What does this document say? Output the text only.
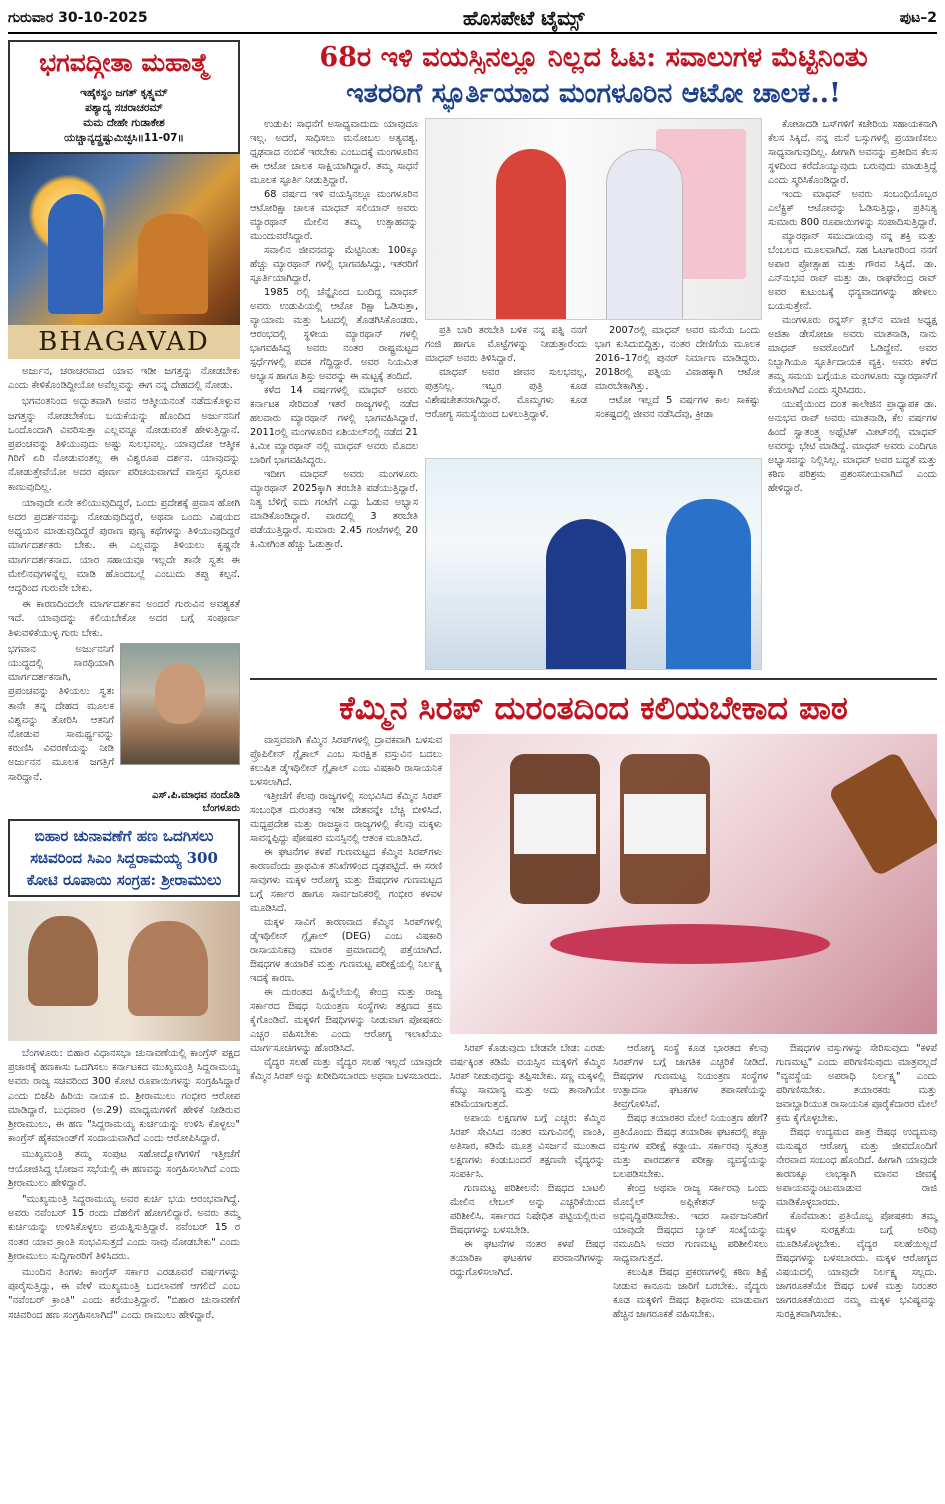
ಗುರುವಾರ 30-10-2025	ಹೊಸಪೇಟೆ ಟೈಮ್ಸ್	ಪುಟ–2
ಭಗವದ್ಗೀತಾ ಮಹಾತ್ಮೆ
ಇಹೈಕಸ್ಥಂ ಜಗತ್ ಕೃತ್ಸ್ನಮ್
ಪಶ್ಯಾದ್ಯ ಸಚರಾಚರಮ್
ಮಮ ದೇಹೇ ಗುಡಾಕೇಶ
ಯಚ್ಚಾನ್ಯದ್ದ್ರಷ್ಟುಮಿಚ್ಛಸಿ॥11-07॥
BHAGAVAD

ಅರ್ಜುನ, ಚರಾಚರವಾದ ಯಾವ ಇಡೀ ಜಗತ್ತನ್ನು ನೋಡಬೇಕು ಎಂದು ಕೇಳಿಕೊಂಡಿದ್ದೀಯೋ ಅವೆಲ್ಲವನ್ನು ಈಗ ನನ್ನ ದೇಹದಲ್ಲಿ ನೋಡು.

ಭಗವಂತನಿಂದ ಅದ್ಭುತವಾಗಿ ಅವನ ಆತ್ಮೀಯನಂತೆ ನಡೆದುಕೊಳ್ಳುವ ಜಗತ್ತನ್ನು ನೋಡಬೇಕೆಂಬ ಬಯಕೆಯನ್ನು ಹೊಂದಿದ ಅರ್ಜುನನಿಗೆ ಒಂದೊಂದಾಗಿ ವಿವರಿಸುತ್ತಾ ಎಲ್ಲವನ್ನೂ ನೋಡುವಂತೆ ಹೇಳುತ್ತಿದ್ದಾನೆ. ಪ್ರಪಂಚವನ್ನು ತಿಳಿಯುವುದು ಅಷ್ಟು ಸುಲಭವಲ್ಲ. ಯಾವುದೋ ಆತ್ಮೀಕ ಗಿರಿಗೆ ಏರಿ ನೋಡುವಂತಲ್ಲ ಈ ವಿಶ್ವರೂಪ ದರ್ಶನ. ಯಾವುದನ್ನು ನೋಡುತ್ತೇವೆಯೋ ಅದರ ಪೂರ್ಣ ಪರಿಚಯವಾಗದೆ ವಾಸ್ತವ ಸ್ವರೂಪ ಕಾಣುವುದಿಲ್ಲ.

ಯಾವುದೇ ಏನೇ ಕಲಿಯುವುದಿದ್ದರೆ, ಒಂದು ಪ್ರದೇಶಕ್ಕೆ ಪ್ರವಾಸ ಹೋಗಿ ಅದರ ಪ್ರದರ್ಶನವನ್ನು ನೋಡುವುದಿದ್ದರೆ, ಅಥವಾ ಒಂದು ವಿಷಯದ ಅಧ್ಯಯನ ಮಾಡುವುದಿದ್ದರೆ ಪುರಾಣ ಪುಣ್ಯ ಕಥೆಗಳನ್ನು ತಿಳಿಯುವುದಿದ್ದರೆ ಮಾರ್ಗದರ್ಶಕರು ಬೇಕು. ಈ ಎಲ್ಲವನ್ನು ತಿಳಿಯಲು ಕೃಷ್ಣನೇ ಮಾರ್ಗದರ್ಶಕನಾದ. ಯಾರ ಸಹಾಯವೂ ಇಲ್ಲದೇ ತಾನೇ ಸ್ವತಃ ಈ ಮೇಲಿನವುಗಳನ್ನೆಲ್ಲ ಮಾಡಿ ಹೊಂದಬಲ್ಲೆ ಎಂಬುದು ತಪ್ಪು ಕಲ್ಪನೆ. ಆದ್ದರಿಂದ ಗುರುವೇ ಬೇಕು.

ಈ ಕಾರಣದಿಂದಲೇ ಮಾರ್ಗದರ್ಶಕನ ಅಂದರೆ ಗುರುವಿನ ಅವಶ್ಯಕತೆ ಇದೆ. ಯಾವುದನ್ನು ಕಲಿಯಬೇಕೋ ಅದರ ಬಗ್ಗೆ ಸಂಪೂರ್ಣ ತಿಳುವಳಿಕೆಯುಳ್ಳ ಗುರು ಬೇಕು.

ಭಗವಾನ ಅರ್ಜುನನಿಗೆ ಯುದ್ಧದಲ್ಲಿ ಸಾರಥಿಯಾಗಿ ಮಾರ್ಗದರ್ಶಕನಾಗಿ, ಪ್ರಪಂಚವನ್ನು ತಿಳಿಯಲು ಸ್ವತಃ ತಾನೇ ತನ್ನ ದೇಹದ ಮೂಲಕ ವಿಶ್ವವನ್ನು ತೋರಿಸಿ ಆತನಿಗೆ ನೋಡುವ ಸಾಮರ್ಥ್ಯವನ್ನು ಕರುಣಿಸಿ ವಿವರಣೆಯನ್ನು ನೀಡಿ ಅರ್ಜುನನ ಮೂಲಕ ಜಗತ್ತಿಗೆ ಸಾರಿದ್ದಾನೆ.
ಎಸ್.ಪಿ.ಮಾಧವ ನಂದೊಡಿ
ಬೆಂಗಳೂರು
ಬಿಹಾರ ಚುನಾವಣೆಗೆ ಹಣ ಒದಗಿಸಲು ಸಚಿವರಿಂದ ಸಿಎಂ ಸಿದ್ದರಾಮಯ್ಯ 300 ಕೋಟಿ ರೂಪಾಯಿ ಸಂಗ್ರಹ: ಶ್ರೀರಾಮುಲು

ಬೆಂಗಳೂರು: ಬಿಹಾರ ವಿಧಾನಸಭಾ ಚುನಾವಣೆಯಲ್ಲಿ ಕಾಂಗ್ರೆಸ್ ಪಕ್ಷದ ಪ್ರಚಾರಕ್ಕೆ ಹಣಕಾಸು ಒದಗಿಸಲು ಕರ್ನಾಟಕದ ಮುಖ್ಯಮಂತ್ರಿ ಸಿದ್ದರಾಮಯ್ಯ ಅವರು ರಾಜ್ಯ ಸಚಿವರಿಂದ 300 ಕೋಟಿ ರೂಪಾಯಿಗಳನ್ನು ಸಂಗ್ರಹಿಸಿದ್ದಾರೆ ಎಂದು ಬಿಜೆಪಿ ಹಿರಿಯ ನಾಯಕ ಬಿ. ಶ್ರೀರಾಮುಲು ಗಂಭೀರ ಆರೋಪ ಮಾಡಿದ್ದಾರೆ. ಬುಧವಾರ (ಅ.29) ಮಾಧ್ಯಮಗಳಿಗೆ ಹೇಳಿಕೆ ನೀಡಿರುವ ಶ್ರೀರಾಮುಲು, ಈ ಹಣ "ಸಿದ್ದರಾಮಯ್ಯ ಕುರ್ಚಿಯನ್ನು ಉಳಿಸಿ ಕೊಳ್ಳಲು" ಕಾಂಗ್ರೆಸ್ ಹೈಕಮಾಂಡ್‌ಗೆ ಸಂದಾಯವಾಗಿದೆ ಎಂದು ಆರೋಪಿಸಿದ್ದಾರೆ.

ಮುಖ್ಯಮಂತ್ರಿ ತಮ್ಮ ಸಂಪುಟ ಸಹೋದ್ಯೋಗಿಗಳಿಗೆ ಇತ್ತೀಚೆಗೆ ಆಯೋಜಿಸಿದ್ದ ಭೋಜನ ಸಭೆಯಲ್ಲಿ ಈ ಹಣವನ್ನು ಸಂಗ್ರಹಿಸಲಾಗಿದೆ ಎಂದು ಶ್ರೀರಾಮುಲು ಹೇಳಿದ್ದಾರೆ.

"ಮುಖ್ಯಮಂತ್ರಿ ಸಿದ್ದರಾಮಯ್ಯ ಅವರ ಕುರ್ಚಿ ಭಯ ಆರಂಭವಾಗಿದ್ದೆ. ಅವರು ನವೆಂಬರ್ 15 ರಂದು ದೆಹಲಿಗೆ ಹೋಗಲಿದ್ದಾರೆ. ಅವರು ತಮ್ಮ ಕುರ್ಚಿಯನ್ನು ಉಳಿಸಿಕೊಳ್ಳಲು ಪ್ರಯತ್ನಿಸುತ್ತಿದ್ದಾರೆ. ನವೆಂಬರ್ 15 ರ ನಂತರ ಯಾವ ಕ್ರಾಂತಿ ಸಂಭವಿಸುತ್ತದೆ ಎಂದು ನಾವು ನೋಡಬೇಕು" ಎಂದು ಶ್ರೀರಾಮುಲು ಸುದ್ದಿಗಾರರಿಗೆ ತಿಳಿಸಿದರು.

ಮುಂದಿನ ತಿಂಗಳು ಕಾಂಗ್ರೆಸ್ ಸರ್ಕಾರ ಎರಡೂವರೆ ವರ್ಷಗಳನ್ನು ಪೂರೈಸುತ್ತಿದ್ದು, ಈ ವೇಳೆ ಮುಖ್ಯಮಂತ್ರಿ ಬದಲಾವಣೆ ಆಗಲಿದೆ ಎಂಬ "ನವೆಂಬರ್ ಕ್ರಾಂತಿ" ಎಂದು ಕರೆಯುತ್ತಿದ್ದಾರೆ. "ಬಿಹಾರ ಚುನಾವಣೆಗೆ ಸಚಿವರಿಂದ ಹಣ ಸಂಗ್ರಹಿಸಲಾಗಿದೆ" ಎಂದು ರಾಮುಲು ಹೇಳಿದ್ದಾರೆ.

68ರ ಇಳಿ ವಯಸ್ಸಿನಲ್ಲೂ ನಿಲ್ಲದ ಓಟ: ಸವಾಲುಗಳ ಮೆಟ್ಟಿನಿಂತು
ಇತರರಿಗೆ ಸ್ಫೂರ್ತಿಯಾದ ಮಂಗಳೂರಿನ ಆಟೋ ಚಾಲಕ..!

ಉಡುಪಿ: ಸಾಧನೆಗೆ ಅಸಾಧ್ಯವಾದುದು ಯಾವುದೂ ಇಲ್ಲ. ಅದರೆ, ಸಾಧಿಸಲು ಮನೋಬಲ ಅತ್ಯವಶ್ಯ. ಧೃಢವಾದ ನಂಬಿಕೆ ಇರಬೇಕು ಎಂಬುದಕ್ಕೆ ಮಂಗಳೂರಿನ ಈ ಆಟೋ ಚಾಲಕ ಸಾಕ್ಷಿಯಾಗಿದ್ದಾರೆ. ತಮ್ಮ ಸಾಧನೆ ಮೂಲಕ ಸ್ಫೂರ್ತಿ ನೀಡುತ್ತಿದ್ದಾರೆ.

68 ವರ್ಷದ ಇಳಿ ವಯಸ್ಸಿನಲ್ಲೂ ಮಂಗಳೂರಿನ ಆಟೋರಿಕ್ಷಾ ಚಾಲಕ ಮಾಧವ್ ಸಲಿಯಾನ್ ಅವರು ಮ್ಯಾರಥಾನ್ ಮೇಲಿನ ತಮ್ಮ ಉತ್ಸಾಹವನ್ನು ಮುಂದುವರೆಸಿದ್ದಾರೆ.

ಸವಾಲಿನ ಜೀವನವನ್ನು ಮೆಟ್ಟಿನಿಂತು 100ಕ್ಕೂ ಹೆಚ್ಚು ಮ್ಯಾರಥಾನ್ ಗಳಲ್ಲಿ ಭಾಗವಹಿಸಿದ್ದು, ಇತರರಿಗೆ ಸ್ಫೂರ್ತಿಯಾಗಿದ್ದಾರೆ.

1985 ರಲ್ಲಿ ಚೆನ್ನೈನಿಂದ ಬಂದಿದ್ದ ಮಾಧವ್ ಅವರು ಉಡುಪಿಯಲ್ಲಿ ಆಟೋ ರಿಕ್ಷಾ ಓಡಿಸುತ್ತಾ, ವ್ಯಾಯಾಮ ಮತ್ತು ಓಟದಲ್ಲಿ ತೊಡಗಿಸಿಕೊಂಡರು. ಆರಂಭದಲ್ಲಿ ಸ್ಥಳೀಯ ಮ್ಯಾರಥಾನ್ ಗಳಲ್ಲಿ ಭಾಗವಹಿಸಿದ್ದ ಅವರು ನಂತರ ರಾಷ್ಟ್ರಮಟ್ಟದ ಸ್ಪರ್ಧೆಗಳಲ್ಲಿ ಪದಕ ಗೆದ್ದಿದ್ದಾರೆ. ಅವರ ನಿಯಮಿತ ಅಭ್ಯಾಸ ಹಾಗೂ ಶಿಸ್ತು ಅವರನ್ನು ಈ ಮಟ್ಟಕ್ಕೆ ತಂದಿದೆ.

ಕಳೆದ 14 ವರ್ಷಗಳಲ್ಲಿ ಮಾಧವ್ ಅವರು ಕರ್ನಾಟಕ ಸೇರಿದಂತೆ ಇತರೆ ರಾಜ್ಯಗಳಲ್ಲಿ ನಡೆದ ಹಲವಾರು ಮ್ಯಾರಥಾನ್ ಗಳಲ್ಲಿ ಭಾಗವಹಿಸಿದ್ದಾರೆ. 2011ರಲ್ಲಿ ಮಂಗಳೂರಿನ ಏಶಿಯಲ್‌ನಲ್ಲಿ ನಡೆದ 21 ಕಿ.ಮೀ ಮ್ಯಾರಥಾನ್ ನಲ್ಲಿ ಮಾಧವ್ ಅವರು ಮೊದಲ ಬಾರಿಗೆ ಭಾಗವಹಿಸಿದ್ದರು.

ಇದೀಗ ಮಾಧವ್ ಅವರು ಮಂಗಳೂರು ಮ್ಯಾರಥಾನ್ 2025ಕ್ಕಾಗಿ ತರಬೇತಿ ಪಡೆಯುತ್ತಿದ್ದಾರೆ. ನಿತ್ಯ ಬೆಳಿಗ್ಗೆ ಐದು ಗಂಟೆಗೆ ಎದ್ದು ಓಡುವ ಅಭ್ಯಾಸ ಮಾಡಿಕೊಂಡಿದ್ದಾರೆ. ವಾರದಲ್ಲಿ 3 ತರಬೇತಿ ಪಡೆಯುತ್ತಿದ್ದಾರೆ. ಸುಮಾರು 2.45 ಗಂಟೆಗಳಲ್ಲಿ 20 ಕಿ.ಮೀಗಿಂತ ಹೆಚ್ಚು ಓಡುತ್ತಾರೆ.

ಪ್ರತಿ ಬಾರಿ ತರಬೇತಿ ಬಳಿಕ ನನ್ನ ಪತ್ನಿ ನನಗೆ ಗಂಜಿ ಹಾಗೂ ಮೊಟ್ಟೆಗಳನ್ನು ನೀಡುತ್ತಾರೆಂದು ಮಾಧವ್ ಅವರು ತಿಳಿಸಿದ್ದಾರೆ.

ಮಾಧವ್ ಅವರ ಜೀವನ ಸುಲಭವಲ್ಲ, ಪುತ್ರನಿಲ್ಲ. ಇಬ್ಬರ ಪುತ್ರಿ ಕೂಡ ವಿಶೇಷಚೇತನರಾಗಿದ್ದಾರೆ. ಮೊಮ್ಮಗಳು ಕೂಡ ಆರೋಗ್ಯ ಸಮಸ್ಯೆಯಿಂದ ಬಳಲುತ್ತಿದ್ದಾಳೆ.

2007ರಲ್ಲಿ ಮಾಧವ್ ಅವರ ಮನೆಯ ಒಂದು ಭಾಗ ಕುಸಿದುಬಿದ್ದಿತ್ತು, ನಂತರ ದೇಣಿಗೆಯ ಮೂಲಕ 2016–17ರಲ್ಲಿ ಪುನರ್ ನಿರ್ಮಾಣ ಮಾಡಿದ್ದರು. 2018ರಲ್ಲಿ ಪತ್ನಿಯ ವಿವಾಹಕ್ಕಾಗಿ ಆಟೋ ಮಾರಬೇಕಾಗಿತ್ತು.

ಆಟೋ ಇಲ್ಲದೆ 5 ವರ್ಷಗಳ ಕಾಲ ಸಾಕಷ್ಟು ಸಂಕಷ್ಟದಲ್ಲಿ ಜೀವನ ನಡೆಸಿದೆವು, ಕ್ರೀಡಾ

ಕೋಟಾದಡಿ ಬಸ್‌ಗಳಿಗೆ ಕಚೇರಿಯ ಸಹಾಯಕನಾಗಿ ಕೆಲಸ ಸಿಕ್ಕಿದೆ. ನನ್ನ ಮನೆ ಬಸ್ಸುಗಳಲ್ಲಿ ಪ್ರಯಾಣಿಸಲು ಸಾಧ್ಯವಾಗುವುದಿಲ್ಲ. ಹೀಗಾಗಿ ಅವನನ್ನು ಪ್ರತೀದಿನ ಕೆಲಸ ಸ್ಥಳದಿಂದ ಕರೆದೊಯ್ಯುವುದು ಬರುವುದು ಮಾಡುತ್ತಿದ್ದೆ ಎಂದು ಸ್ಮರಿಸಿಕೊಂಡಿದ್ದಾರೆ.

ಇಂದು ಮಾಧವ್ ಅವರು ಸಂಬಂಧಿಯೊಬ್ಬರ ಎಲೆಕ್ಟ್ರಿಕ್ ಆಟೋವನ್ನು ಓಡಿಸುತ್ತಿದ್ದು, ಪ್ರತಿನಿತ್ಯ ಸುಮಾರು 800 ರೂಪಾಯಿಗಳನ್ನು ಸಂಪಾದಿಸುತ್ತಿದ್ದಾರೆ.

ಮ್ಯಾರಥಾನ್ ಸಮುದಾಯವು ನನ್ನ ಶಕ್ತಿ ಮತ್ತು ಬೆಂಬಲದ ಮೂಲವಾಗಿದೆ. ಸಹ ಓಟಗಾರರಿಂದ ನನಗೆ ಅಪಾರ ಪ್ರೋತ್ಸಾಹ ಮತ್ತು ಗೌರವ ಸಿಕ್ಕಿದೆ. ಡಾ. ಎನ್‌ನುಭವ ರಾವ್ ಮತ್ತು ಡಾ. ರಾಘವೇಂದ್ರ ರಾವ್ ಅವರ ಕುಟುಂಬಕ್ಕೆ ಧನ್ಯವಾದಗಳನ್ನು ಹೇಳಲು ಬಯಸುತ್ತೇನೆ.

ಮಂಗಳೂರು ರನ್ನರ್ಸ್ ಕ್ಲಬ್‌ನ ಮಾಜಿ ಅಧ್ಯಕ್ಷ ಅಜಿತಾ ಡೇಸೋಜಾ ಅವರು ಮಾತನಾಡಿ, ನಾನು ಮಾಧವ್ ಅವರೊಂದಿಗೆ ಓಡಿದ್ದೇನೆ. ಅವರ ನಿಬ್ಬಾಗಿಯೂ ಸ್ಫೂರ್ತಿದಾಯಕ ವ್ಯಕ್ತಿ. ಅವರು ಕಳೆದ ತಮ್ಮ ಸಮಯ ಬಗ್ಗೆಯೂ ಮಂಗಳೂರು ಮ್ಯಾರಥಾನ್‌ಗೆ ಕೆಯಲಾಗಿದೆ ಎಂದು ಸ್ಮರಿಸಿದರು.

ಯುಪೈಯಿಂದ ದಂತ ಕಾಲೇಜಿನ ಪ್ರಾಧ್ಯಾಪಕ ಡಾ. ಅನುಭವ ರಾವ್ ಅವರು ಮಾತನಾಡಿ, ಕೆಲ ವರ್ಷಗಳ ಹಿಂದೆ ಸ್ವಾತಂತ್ರ್ಯ ಅಥ್ಲೆಟಿಕ್ ಮೀಟ್‌ನಲ್ಲಿ ಮಾಧವ್ ಅವರನ್ನು ಭೇಟಿ ಮಾಡಿದ್ದೆ. ಮಾಧವ್ ಅವರು ಎಂದಿಗೂ ಅಭ್ಯಾಸವನ್ನು ನಿಲ್ಲಿಸಿಲ್ಲ. ಮಾಧವ್ ಅವರ ಬದ್ಧತೆ ಮತ್ತು ಕಠಿಣ ಪರಿಶ್ರಮ ಪ್ರಶಂಸನೀಯವಾಗಿದೆ ಎಂದು ಹೇಳಿದ್ದಾರೆ.

ಕೆಮ್ಮಿನ ಸಿರಪ್ ದುರಂತದಿಂದ ಕಲಿಯಬೇಕಾದ ಪಾಠ

ವಾಸ್ತವವಾಗಿ ಕೆಮ್ಮಿನ ಸಿರಪ್‌ಗಳಲ್ಲಿ ದ್ರಾವಕವಾಗಿ ಬಳಸುವ ಪ್ರೊಪಿಲೀನ್ ಗ್ಲೈಕಾಲ್ ಎಂಬ ಸುರಕ್ಷಿತ ವಸ್ತುವಿನ ಬದಲು ಕಲುಷಿತ ಡೈಇಥಿಲೀನ್ ಗ್ಲೈಕಾಲ್ ಎಂಬ ವಿಷಕಾರಿ ರಾಸಾಯನಿಕ ಬಳಸಲಾಗಿದೆ.

ಇತ್ತೀಚೆಗೆ ಕೆಲವು ರಾಜ್ಯಗಳಲ್ಲಿ ಸಂಭವಿಸಿದ ಕೆಮ್ಮಿನ ಸಿರಪ್ ಸಂಬಂಧಿತ ದುರಂತವು ಇಡೀ ದೇಶವನ್ನೇ ಬೆಚ್ಚಿ ಬೀಳಿಸಿದೆ. ಮಧ್ಯಪ್ರದೇಶ ಮತ್ತು ರಾಜಸ್ಥಾನ ರಾಜ್ಯಗಳಲ್ಲಿ ಕೆಲವು ಮಕ್ಕಳು ಸಾವನ್ನಪ್ಪಿದ್ದು ಪೋಷಕರ ಮನಸ್ಸಿನಲ್ಲಿ ಆತಂಕ ಮೂಡಿಸಿದೆ.

ಈ ಘಟನೆಗಳ ಕಳಪೆ ಗುಣಮಟ್ಟದ ಕೆಮ್ಮಿನ ಸಿರಪ್‌ಗಳು ಕಾರಣವೆಂದು ಪ್ರಾಥಮಿಕ ತನಿಖೆಗಳಿಂದ ದೃಢಪಟ್ಟಿದೆ. ಈ ಸರಣಿ ಸಾವುಗಳು ಮಕ್ಕಳ ಆರೋಗ್ಯ ಮತ್ತು ಔಷಧಗಳ ಗುಣಮಟ್ಟದ ಬಗ್ಗೆ ಸರ್ಕಾರ ಹಾಗೂ ಸಾರ್ವಜನಿಕರಲ್ಲಿ ಗಂಭೀರ ಕಳವಳ ಮೂಡಿಸಿದೆ.

ಮಕ್ಕಳ ಸಾವಿಗೆ ಕಾರಣವಾದ ಕೆಮ್ಮಿನ ಸಿರಪ್‌ಗಳಲ್ಲಿ ಡೈಇಥಿಲೀನ್ ಗ್ಲೈಕಾಲ್ (DEG) ಎಂಬ ವಿಷಕಾರಿ ರಾಸಾಯನಿಕವು ಮಾರಕ ಪ್ರಮಾಣದಲ್ಲಿ ಪತ್ತೆಯಾಗಿದೆ. ಔಷಧಗಳ ತಯಾರಿಕೆ ಮತ್ತು ಗುಣಮಟ್ಟ ಪರೀಕ್ಷೆಯಲ್ಲಿ ನಿರ್ಲಕ್ಷ್ಯ ಇದಕ್ಕೆ ಕಾರಣ.

ಈ ದುರಂತದ ಹಿನ್ನೆಲೆಯಲ್ಲಿ ಕೇಂದ್ರ ಮತ್ತು ರಾಜ್ಯ ಸರ್ಕಾರದ ಔಷಧ ನಿಯಂತ್ರಣ ಸಂಸ್ಥೆಗಳು ತಕ್ಷಣದ ಕ್ರಮ ಕೈಗೊಂಡಿವೆ. ಮಕ್ಕಳಿಗೆ ಔಷಧಿಗಳನ್ನು ನೀಡುವಾಗ ಪೋಷಕರು ಎಚ್ಚರ ವಹಿಸಬೇಕು ಎಂದು ಆರೋಗ್ಯ ಇಲಾಖೆಯು ಮಾರ್ಗಸೂಚಿಗಳನ್ನು ಹೊರಡಿಸಿದೆ.

ವೈದ್ಯರ ಸಲಹೆ ಮತ್ತು ವೈದ್ಯರ ಸಲಹೆ ಇಲ್ಲದೆ ಯಾವುದೇ ಕೆಮ್ಮಿನ ಸಿರಪ್ ಅನ್ನು ಖರೀದಿಸಬಾರದು ಅಥವಾ ಬಳಸಬಾರದು.

ಸಿರಪ್ ಕೊಡುವುದು ಬೇಡವೇ ಬೇಡ: ಎರಡು ವರ್ಷಕ್ಕಿಂತ ಕಡಿಮೆ ವಯಸ್ಸಿನ ಮಕ್ಕಳಿಗೆ ಕೆಮ್ಮಿನ ಸಿರಪ್ ನೀಡುವುದನ್ನು ತಪ್ಪಿಸಬೇಕು. ಸಣ್ಣ ಮಕ್ಕಳಲ್ಲಿ ಕೆಮ್ಮು ಸಾಮಾನ್ಯ ಮತ್ತು ಅದು ತಾನಾಗಿಯೇ ಕಡಿಮೆಯಾಗುತ್ತದೆ.

ಅಪಾಯ ಲಕ್ಷಣಗಳ ಬಗ್ಗೆ ಎಚ್ಚರ: ಕೆಮ್ಮಿನ ಸಿರಪ್ ಸೇವಿಸಿದ ನಂತರ ಮಗುವಿನಲ್ಲಿ ವಾಂತಿ, ಅತಿಸಾರ, ಕಡಿಮೆ ಮೂತ್ರ ವಿಸರ್ಜನೆ ಮುಂತಾದ ಲಕ್ಷಣಗಳು ಕಂಡುಬಂದರೆ ತಕ್ಷಣವೇ ವೈದ್ಯರನ್ನು ಸಂಪರ್ಕಿಸಿ.

ಗುಣಮಟ್ಟ ಪರಿಶೀಲನೆ: ಔಷಧದ ಬಾಟಲಿ ಮೇಲಿನ ಲೇಬಲ್ ಅನ್ನು ಎಚ್ಚರಿಕೆಯಿಂದ ಪರಿಶೀಲಿಸಿ. ಸರ್ಕಾರದ ನಿಷೇಧಿತ ಪಟ್ಟಿಯಲ್ಲಿರುವ ಔಷಧಗಳನ್ನು ಬಳಸಬೇಡಿ.

ಈ ಘಟನೆಗಳ ನಂತರ ಕಳಪೆ ಔಷಧ ತಯಾರಿಕಾ ಘಟಕಗಳ ಪರವಾನಗಿಗಳನ್ನು ರದ್ದುಗೊಳಿಸಲಾಗಿದೆ.

ಆರೋಗ್ಯ ಸಂಸ್ಥೆ ಕೂಡ ಭಾರತದ ಕೆಲವು ಸಿರಪ್‌ಗಳ ಬಗ್ಗೆ ಜಾಗತಿಕ ಎಚ್ಚರಿಕೆ ನೀಡಿದೆ. ಔಷಧಗಳ ಗುಣಮಟ್ಟ ನಿಯಂತ್ರಣ ಸಂಸ್ಥೆಗಳ ಉತ್ಪಾದನಾ ಘಟಕಗಳ ತಪಾಸಣೆಯನ್ನು ತೀವ್ರಗೊಳಿಸಿವೆ.

ಔಷಧ ತಯಾರಕರ ಮೇಲೆ ನಿಯಂತ್ರಣ ಹೇಗೆ? ಪ್ರತಿಯೊಂದು ಔಷಧ ತಯಾರಿಕಾ ಘಟಕದಲ್ಲಿ ಕಚ್ಚಾ ವಸ್ತುಗಳ ಪರೀಕ್ಷೆ ಕಡ್ಡಾಯ. ಸರ್ಕಾರವು ಸ್ವತಂತ್ರ ಮತ್ತು ಪಾರದರ್ಶಕ ಪರೀಕ್ಷಾ ವ್ಯವಸ್ಥೆಯನ್ನು ಬಲಪಡಿಸಬೇಕು.

ಕೇಂದ್ರ ಅಥವಾ ರಾಜ್ಯ ಸರ್ಕಾರವು ಒಂದು ಮೊಬೈಲ್ ಅಪ್ಲಿಕೇಶನ್ ಅನ್ನು ಅಭಿವೃದ್ಧಿಪಡಿಸಬೇಕು. ಇದರ ಸಾರ್ವಜನಿಕರಿಗೆ ಯಾವುದೇ ಔಷಧದ ಬ್ಯಾಚ್ ಸಂಖ್ಯೆಯನ್ನು ನಮೂದಿಸಿ ಅದರ ಗುಣಮಟ್ಟ ಪರಿಶೀಲಿಸಲು ಸಾಧ್ಯವಾಗುತ್ತದೆ.

ಕಲುಷಿತ ಔಷಧ ಪ್ರಕರಣಗಳಲ್ಲಿ ಕಠಿಣ ಶಿಕ್ಷೆ ನೀಡುವ ಕಾನೂನು ಜಾರಿಗೆ ಬರಬೇಕು. ವೈದ್ಯರು ಕೂಡ ಮಕ್ಕಳಿಗೆ ಔಷಧ ಶಿಫಾರಸು ಮಾಡುವಾಗ ಹೆಚ್ಚಿನ ಜಾಗರೂಕತೆ ವಹಿಸಬೇಕು.

ಔಷಧಗಳ ವಸ್ತುಗಳನ್ನು ಸೇರಿಸುವುದು "ಕಳಪೆ ಗುಣಮಟ್ಟ" ಎಂದು ಪರಿಗಣಿಸುವುದು ಮಾತ್ರವಲ್ಲದೆ "ವ್ಯವಸ್ಥೆಯ ಅಪರಾಧಿ ನಿರ್ಲಕ್ಷ್ಯ" ಎಂದು ಪರಿಗಣಿಸಬೇಕು. ತಯಾರಕರು ಮತ್ತು ಜವಾಬ್ದಾರಿಯುತ ರಾಸಾಯನಿಕ ಪೂರೈಕೆದಾರರ ಮೇಲೆ ಕ್ರಮ ಕೈಗೊಳ್ಳಬೇಕು.

ಔಷಧ ಉದ್ಯಮದ ಪಾತ್ರ ಔಷಧ ಉದ್ಯಮವು ಮನುಷ್ಯರ ಆರೋಗ್ಯ ಮತ್ತು ಜೀವದೊಂದಿಗೆ ನೇರವಾದ ಸಂಬಂಧ ಹೊಂದಿದೆ. ಹೀಗಾಗಿ ಯಾವುದೇ ಕಾರಣಕ್ಕೂ ಲಾಭಕ್ಕಾಗಿ ಮಾನವ ಜೀವಕ್ಕೆ ಅಪಾಯವನ್ನುಂಟುಮಾಡುವ ರಾಜಿ ಮಾಡಿಕೊಳ್ಳಬಾರದು.

ಕೊನೆಮಾತು: ಪ್ರತಿಯೊಬ್ಬ ಪೋಷಕರು ತಮ್ಮ ಮಕ್ಕಳ ಸುರಕ್ಷತೆಯ ಬಗ್ಗೆ ಅರಿವು ಮೂಡಿಸಿಕೊಳ್ಳಬೇಕು. ವೈದ್ಯರ ಸಲಹೆಯಿಲ್ಲದೆ ಔಷಧಗಳನ್ನು ಬಳಸಬಾರದು. ಮಕ್ಕಳ ಆರೋಗ್ಯದ ವಿಷಯದಲ್ಲಿ ಯಾವುದೇ ನಿರ್ಲಕ್ಷ್ಯ ಸಲ್ಲದು. ಜಾಗರೂಕತೆಯೇ ಔಷಧ ಬಳಕೆ ಮತ್ತು ನಿರಂತರ ಜಾಗರೂಕತೆಯಿಂದ ನಮ್ಮ ಮಕ್ಕಳ ಭವಿಷ್ಯವನ್ನು ಸುರಕ್ಷಿತವಾಗಿಸಬೇಕು.
